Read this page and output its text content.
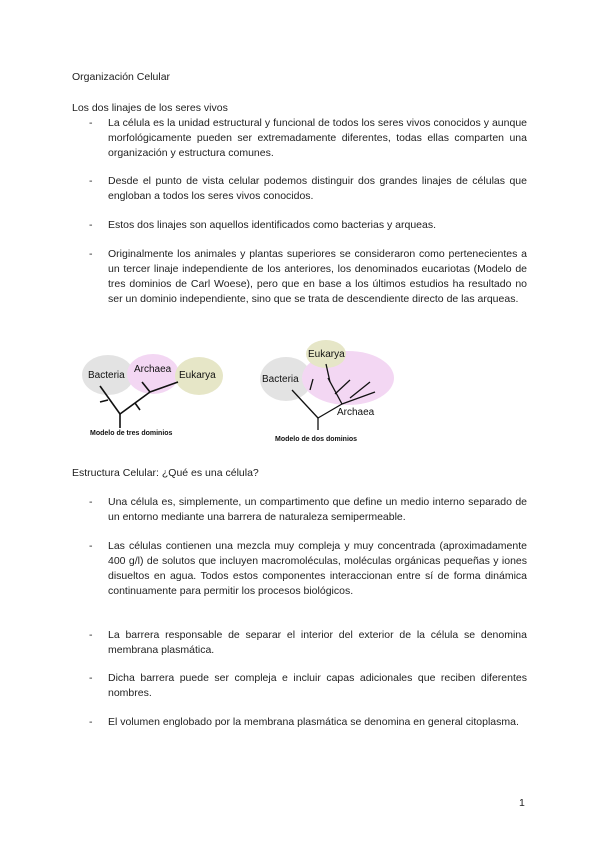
Organización Celular
Los dos linajes de los seres vivos
- La célula es la unidad estructural y funcional de todos los seres vivos conocidos y aunque morfológicamente pueden ser extremadamente diferentes, todas ellas comparten una organización y estructura comunes.
- Desde el punto de vista celular podemos distinguir dos grandes linajes de células que engloban a todos los seres vivos conocidos.
- Estos dos linajes son aquellos identificados como bacterias y arqueas.
- Originalmente los animales y plantas superiores se consideraron como pertenecientes a un tercer linaje independiente de los anteriores, los denominados eucariotas (Modelo de tres dominios de Carl Woese), pero que en base a los últimos estudios ha resultado no ser un dominio independiente, sino que se trata de descendiente directo de las arqueas.
Bacteria
Archaea
Eukarya
Modelo de tres dominios
Bacteria
Archaea
Eukarya
Modelo de dos dominios
Estructura Celular: ¿Qué es una célula?
- Una célula es, simplemente, un compartimento que define un medio interno separado de un entorno mediante una barrera de naturaleza semipermeable.
- Las células contienen una mezcla muy compleja y muy concentrada (aproximadamente 400 g/l) de solutos que incluyen macromoléculas, moléculas orgánicas pequeñas y iones disueltos en agua. Todos estos componentes interaccionan entre sí de forma dinámica continuamente para permitir los procesos biológicos.
- La barrera responsable de separar el interior del exterior de la célula se denomina membrana plasmática.
- Dicha barrera puede ser compleja e incluir capas adicionales que reciben diferentes nombres.
- El volumen englobado por la membrana plasmática se denomina en general citoplasma.
1
